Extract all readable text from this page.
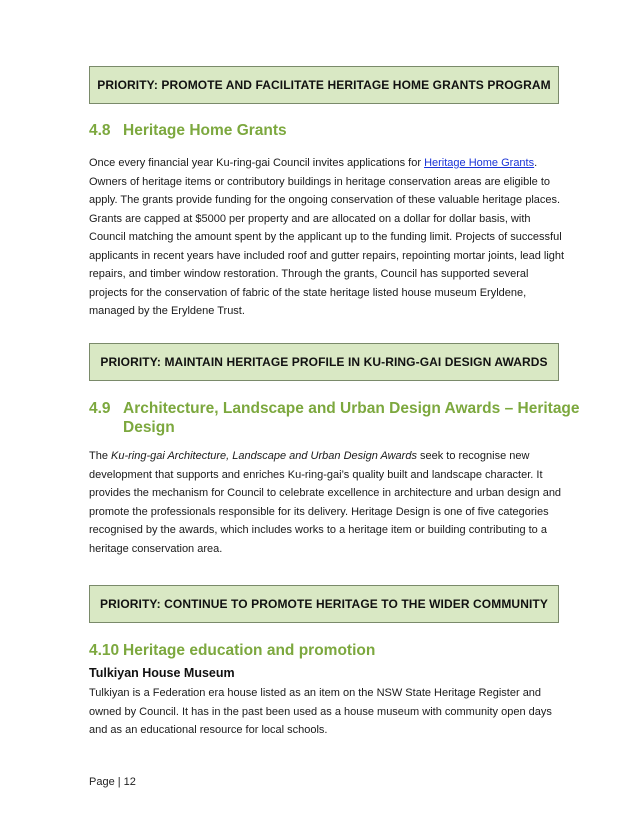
PRIORITY: PROMOTE AND FACILITATE HERITAGE HOME GRANTS PROGRAM
4.8 Heritage Home Grants

Once every financial year Ku-ring-gai Council invites applications for Heritage Home Grants. Owners of heritage items or contributory buildings in heritage conservation areas are eligible to apply. The grants provide funding for the ongoing conservation of these valuable heritage places. Grants are capped at $5000 per property and are allocated on a dollar for dollar basis, with Council matching the amount spent by the applicant up to the funding limit. Projects of successful applicants in recent years have included roof and gutter repairs, repointing mortar joints, lead light repairs, and timber window restoration. Through the grants, Council has supported several projects for the conservation of fabric of the state heritage listed house museum Eryldene, managed by the Eryldene Trust.

PRIORITY: MAINTAIN HERITAGE PROFILE IN KU-RING-GAI DESIGN AWARDS
4.9 Architecture, Landscape and Urban Design Awards – Heritage
Design

The Ku-ring-gai Architecture, Landscape and Urban Design Awards seek to recognise new development that supports and enriches Ku-ring-gai’s quality built and landscape character. It provides the mechanism for Council to celebrate excellence in architecture and urban design and promote the professionals responsible for its delivery. Heritage Design is one of five categories recognised by the awards, which includes works to a heritage item or building contributing to a heritage conservation area.

PRIORITY: CONTINUE TO PROMOTE HERITAGE TO THE WIDER COMMUNITY
4.10 Heritage education and promotion
Tulkiyan House Museum

Tulkiyan is a Federation era house listed as an item on the NSW State Heritage Register and owned by Council. It has in the past been used as a house museum with community open days and as an educational resource for local schools.

Page | 12
